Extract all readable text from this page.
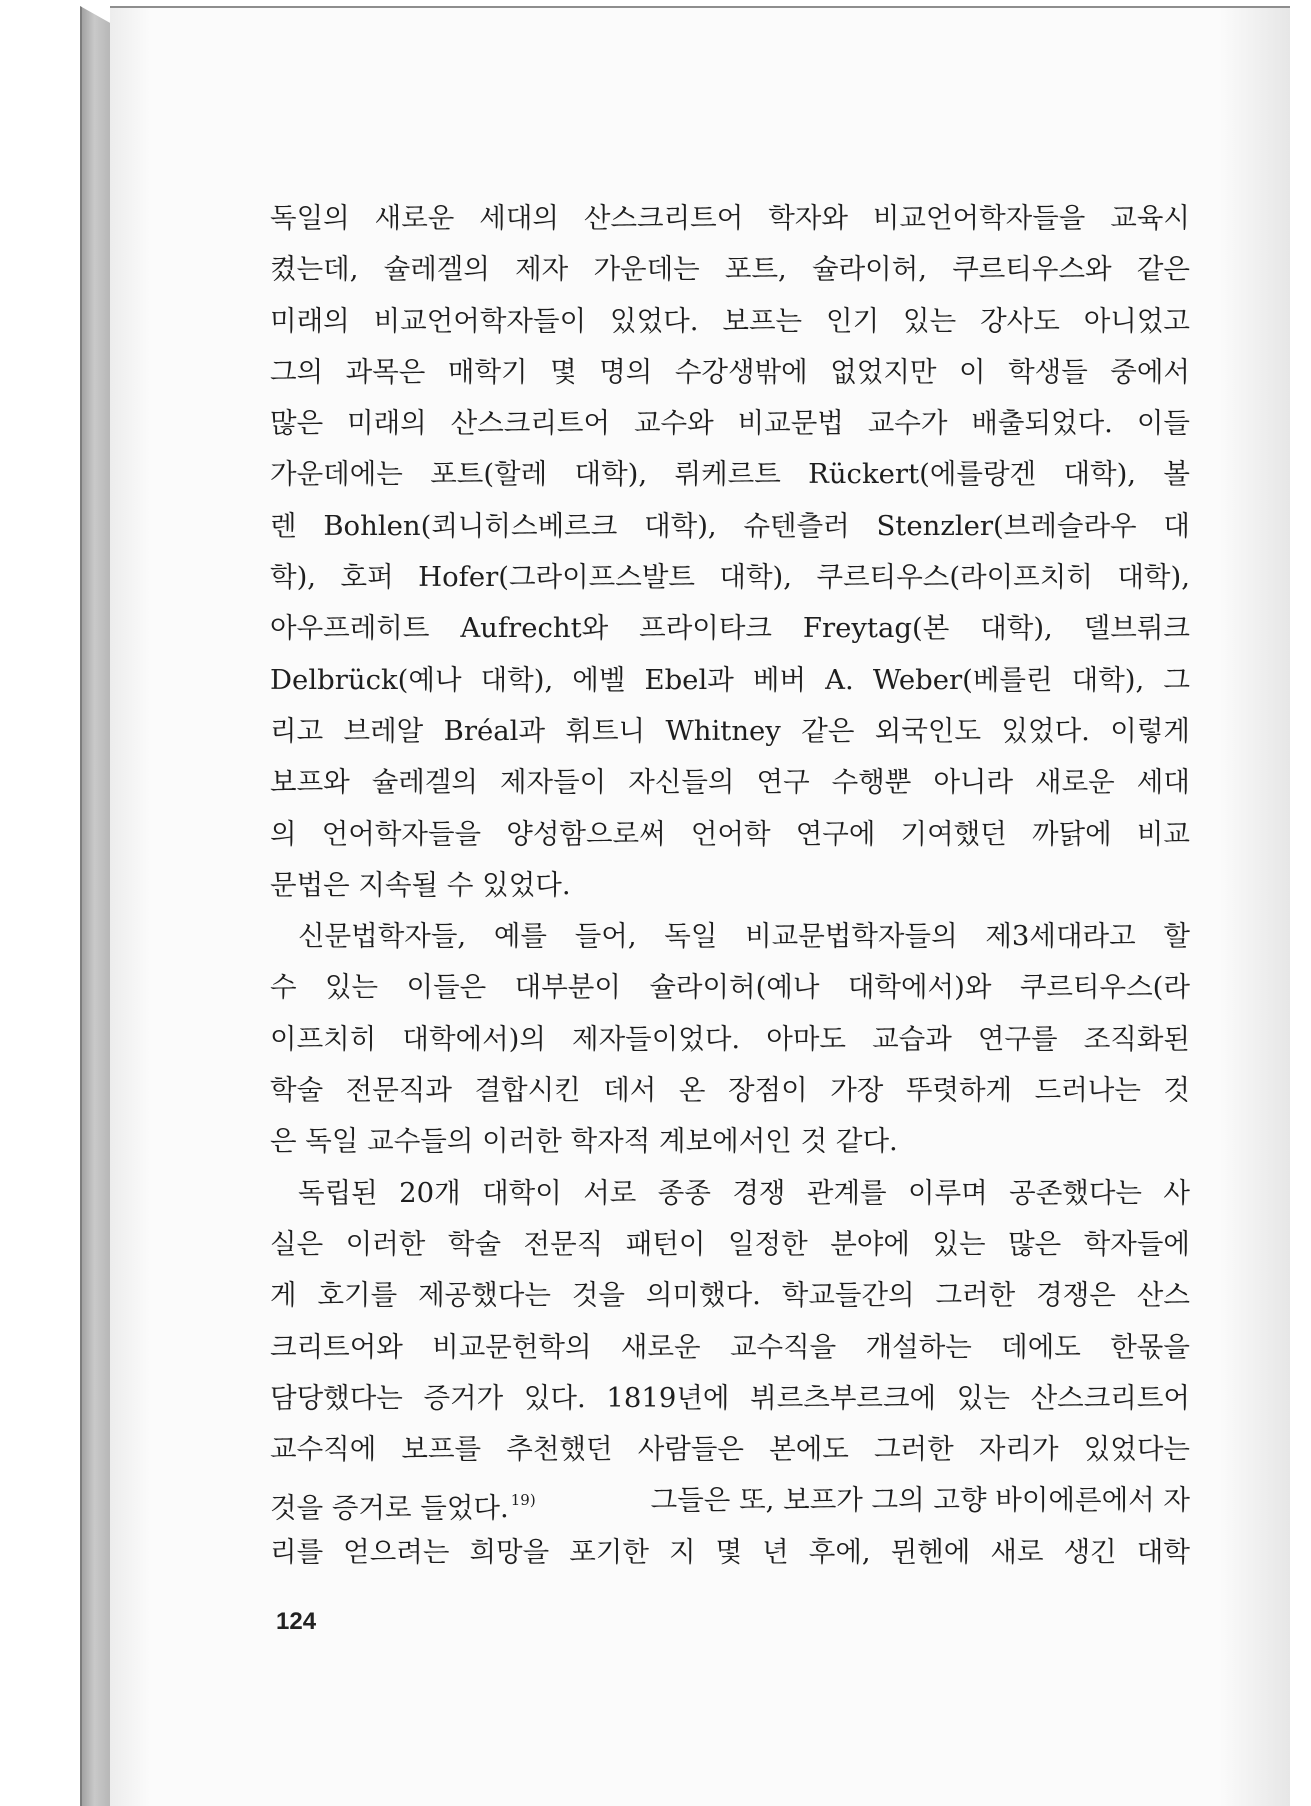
독일의 새로운 세대의 산스크리트어 학자와 비교언어학자들을 교육시
켰는데, 슐레겔의 제자 가운데는 포트, 슐라이허, 쿠르티우스와 같은
미래의 비교언어학자들이 있었다. 보프는 인기 있는 강사도 아니었고
그의 과목은 매학기 몇 명의 수강생밖에 없었지만 이 학생들 중에서
많은 미래의 산스크리트어 교수와 비교문법 교수가 배출되었다. 이들
가운데에는 포트(할레 대학), 뤼케르트 Rückert(에를랑겐 대학), 볼
렌 Bohlen(쾨니히스베르크 대학), 슈텐츨러 Stenzler(브레슬라우 대
학), 호퍼 Hofer(그라이프스발트 대학), 쿠르티우스(라이프치히 대학),
아우프레히트 Aufrecht와 프라이타크 Freytag(본 대학), 델브뤼크
Delbrück(예나 대학), 에벨 Ebel과 베버 A. Weber(베를린 대학), 그
리고 브레알 Bréal과 휘트니 Whitney 같은 외국인도 있었다. 이렇게
보프와 슐레겔의 제자들이 자신들의 연구 수행뿐 아니라 새로운 세대
의 언어학자들을 양성함으로써 언어학 연구에 기여했던 까닭에 비교
문법은 지속될 수 있었다.
신문법학자들, 예를 들어, 독일 비교문법학자들의 제3세대라고 할
수 있는 이들은 대부분이 슐라이허(예나 대학에서)와 쿠르티우스(라
이프치히 대학에서)의 제자들이었다. 아마도 교습과 연구를 조직화된
학술 전문직과 결합시킨 데서 온 장점이 가장 뚜렷하게 드러나는 것
은 독일 교수들의 이러한 학자적 계보에서인 것 같다.
독립된 20개 대학이 서로 종종 경쟁 관계를 이루며 공존했다는 사
실은 이러한 학술 전문직 패턴이 일정한 분야에 있는 많은 학자들에
게 호기를 제공했다는 것을 의미했다. 학교들간의 그러한 경쟁은 산스
크리트어와 비교문헌학의 새로운 교수직을 개설하는 데에도 한몫을
담당했다는 증거가 있다. 1819년에 뷔르츠부르크에 있는 산스크리트어
교수직에 보프를 추천했던 사람들은 본에도 그러한 자리가 있었다는
것을 증거로 들었다. $^{19)}$	그들은 또, 보프가 그의 고향 바이에른에서 자
리를 얻으려는 희망을 포기한 지 몇 년 후에, 뮌헨에 새로 생긴 대학
124
